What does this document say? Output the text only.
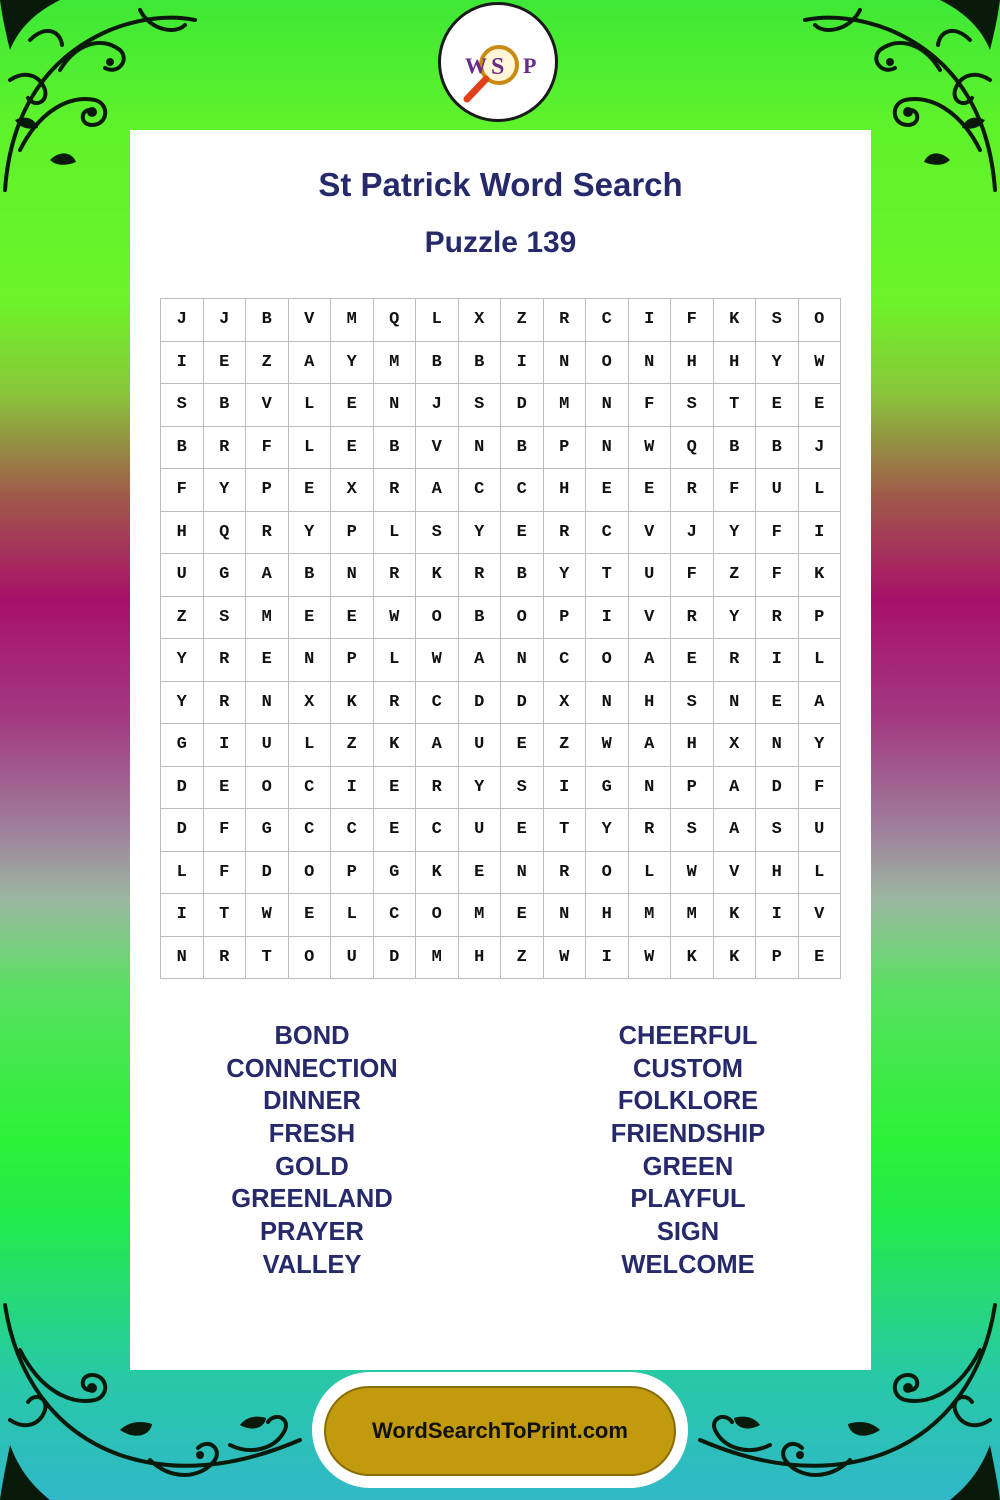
W S P
St Patrick Word Search
Puzzle 139
J	J	B	V	M	Q	L	X	Z	R	C	I	F	K	S	O
I	E	Z	A	Y	M	B	B	I	N	O	N	H	H	Y	W
S	B	V	L	E	N	J	S	D	M	N	F	S	T	E	E
B	R	F	L	E	B	V	N	B	P	N	W	Q	B	B	J
F	Y	P	E	X	R	A	C	C	H	E	E	R	F	U	L
H	Q	R	Y	P	L	S	Y	E	R	C	V	J	Y	F	I
U	G	A	B	N	R	K	R	B	Y	T	U	F	Z	F	K
Z	S	M	E	E	W	O	B	O	P	I	V	R	Y	R	P
Y	R	E	N	P	L	W	A	N	C	O	A	E	R	I	L
Y	R	N	X	K	R	C	D	D	X	N	H	S	N	E	A
G	I	U	L	Z	K	A	U	E	Z	W	A	H	X	N	Y
D	E	O	C	I	E	R	Y	S	I	G	N	P	A	D	F
D	F	G	C	C	E	C	U	E	T	Y	R	S	A	S	U
L	F	D	O	P	G	K	E	N	R	O	L	W	V	H	L
I	T	W	E	L	C	O	M	E	N	H	M	M	K	I	V
N	R	T	O	U	D	M	H	Z	W	I	W	K	K	P	E
BOND
CONNECTION
DINNER
FRESH
GOLD
GREENLAND
PRAYER
VALLEY
CHEERFUL
CUSTOM
FOLKLORE
FRIENDSHIP
GREEN
PLAYFUL
SIGN
WELCOME
WordSearchToPrint.com
